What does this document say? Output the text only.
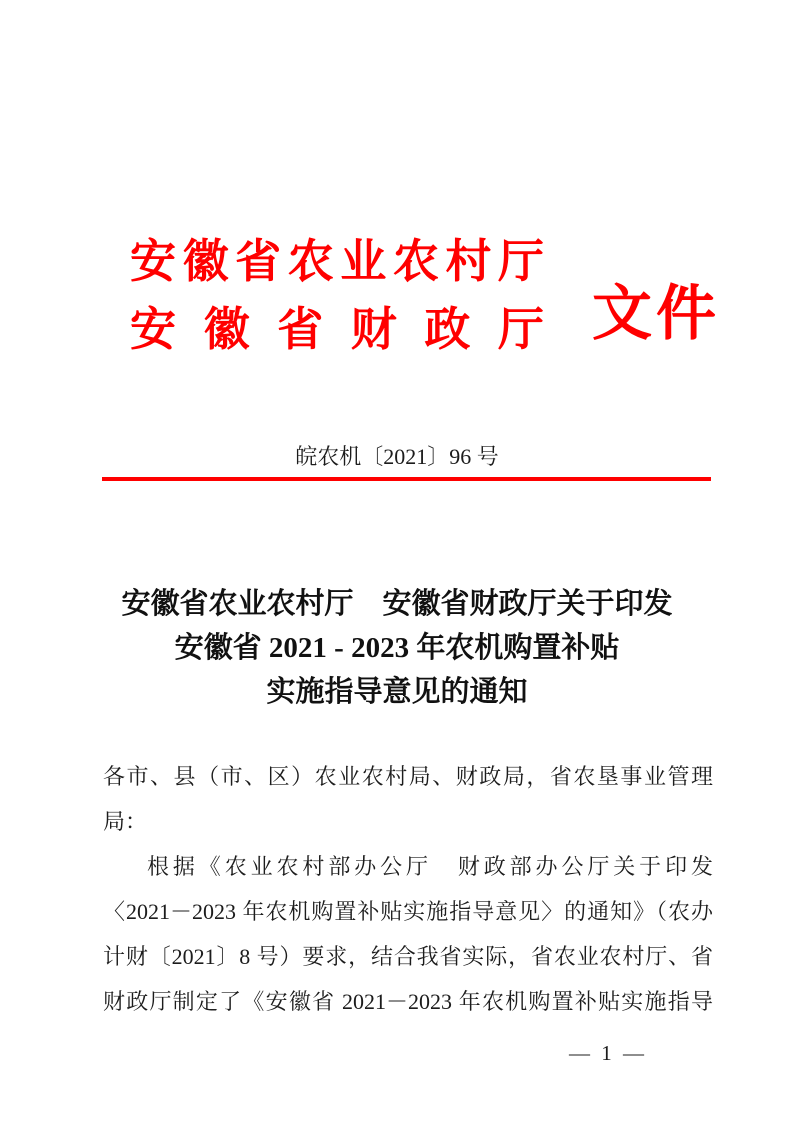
安徽省农业农村厅
安徽省财政厅 文件
皖农机〔2021〕96 号
安徽省农业农村厅　安徽省财政厅关于印发
安徽省 2021 - 2023 年农机购置补贴
实施指导意见的通知
各市、县（市、区）农业农村局、财政局，省农垦事业管理
局：
根据《农业农村部办公厅　财政部办公厅关于印发
〈2021－2023 年农机购置补贴实施指导意见〉的通知》（农办
计财〔2021〕8 号）要求，结合我省实际，省农业农村厅、省
财政厅制定了《安徽省 2021－2023 年农机购置补贴实施指导
— 1 —
